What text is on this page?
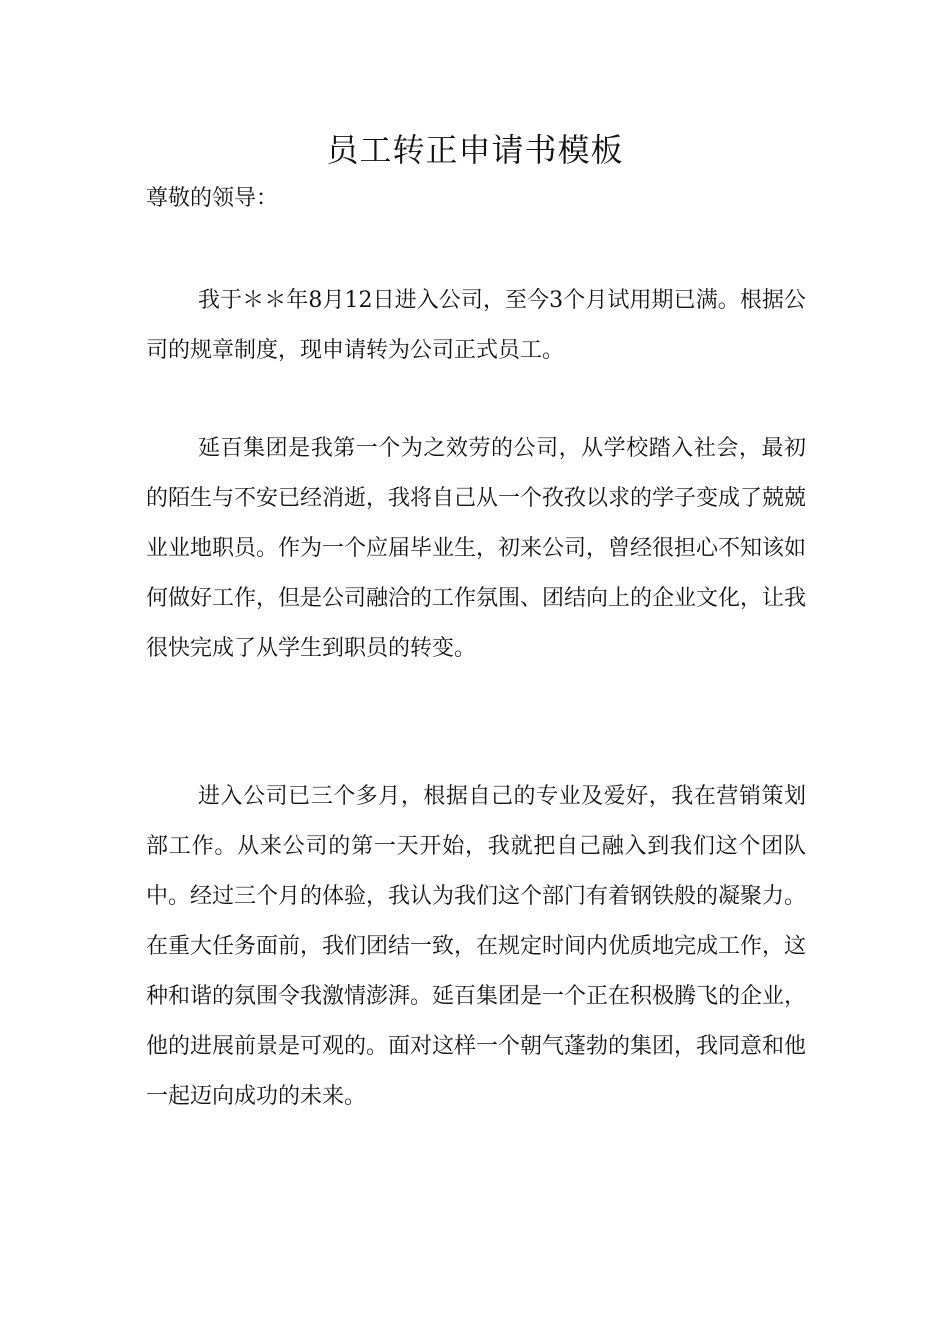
员工转正申请书模板

尊敬的领导：

我于＊＊年8月12日进入公司，至今3个月试用期已满。根据公司的规章制度，现申请转为公司正式员工。

延百集团是我第一个为之效劳的公司，从学校踏入社会，最初的陌生与不安已经消逝，我将自己从一个孜孜以求的学子变成了兢兢业业地职员。作为一个应届毕业生，初来公司，曾经很担心不知该如何做好工作，但是公司融洽的工作氛围、团结向上的企业文化，让我很快完成了从学生到职员的转变。

进入公司已三个多月，根据自己的专业及爱好，我在营销策划部工作。从来公司的第一天开始，我就把自己融入到我们这个团队中。经过三个月的体验，我认为我们这个部门有着钢铁般的凝聚力。在重大任务面前，我们团结一致，在规定时间内优质地完成工作，这种和谐的氛围令我激情澎湃。延百集团是一个正在积极腾飞的企业，他的进展前景是可观的。面对这样一个朝气蓬勃的集团，我同意和他一起迈向成功的未来。
